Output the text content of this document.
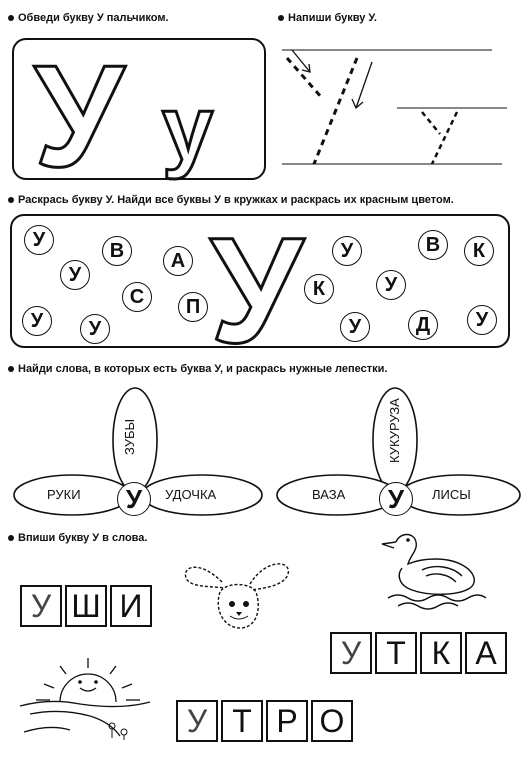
Обведи букву У пальчиком.	Напиши букву У.
У у
Раскрась букву У. Найди все буквы У в кружках и раскрась их красным цветом.
У
У	В	А
У
В	К
У
С
У
П
У
К	У
У	Д	У
Найди слова, в которых есть буква У, и раскрась нужные лепестки.
ЗУБЫ
РУКИ	УДОЧКА
У
КУКУРУЗА
ВАЗА	ЛИСЫ
У
Впиши букву У в слова.
У Ш И
У Т К А
У Т Р О
